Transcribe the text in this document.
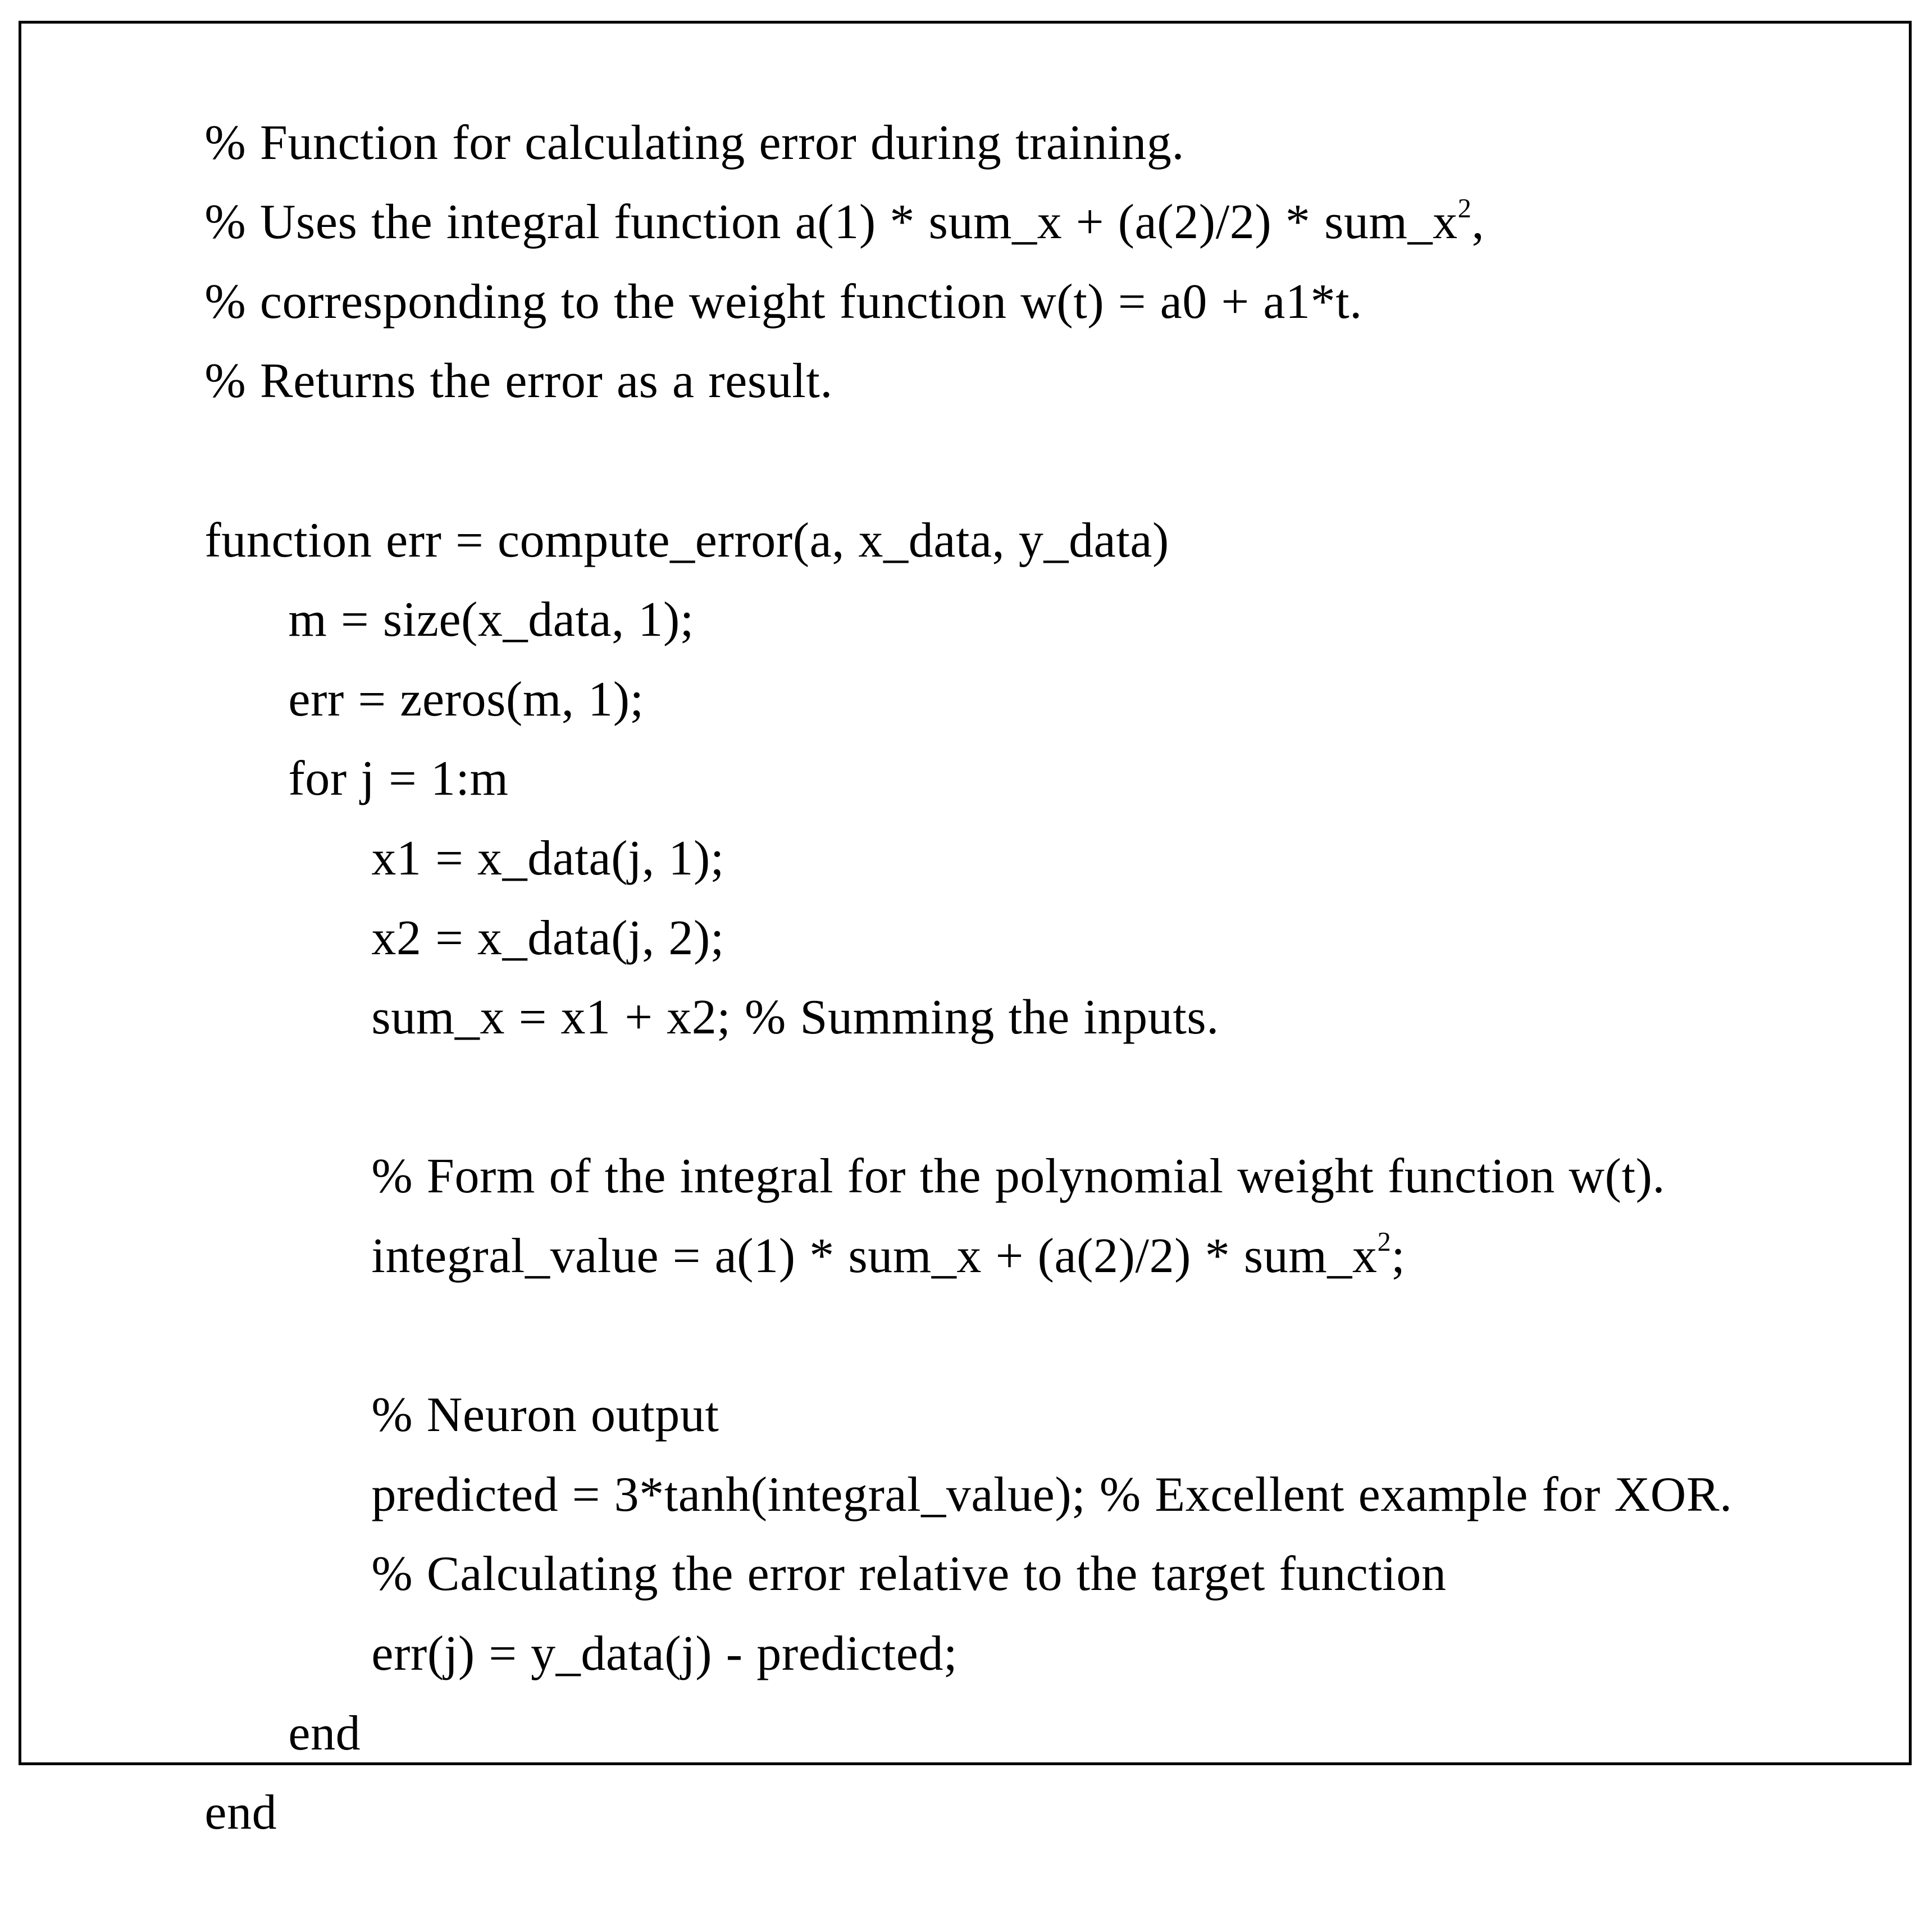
% Function for calculating error during training.

% Uses the integral function a(1) * sum_x + $(a(2)/2) * sum\_x^2$,

% corresponding to the weight function w(t) = a0 + a1*t.

% Returns the error as a result.

function err = compute_error(a, x_data, y_data)

m = size(x_data, 1);

err = zeros(m, 1);

for j = 1:m

x1 = x_data(j, 1);

x2 = x_data(j, 2);

sum_x = x1 + x2; % Summing the inputs.

% Form of the integral for the polynomial weight function w(t).

integral_value = a(1) * sum_x + $(a(2)/2) * sum\_x^2$;

% Neuron output

predicted = 3*tanh(integral_value); % Excellent example for XOR.

% Calculating the error relative to the target function

err(j) = y_data(j) - predicted;

end

end
